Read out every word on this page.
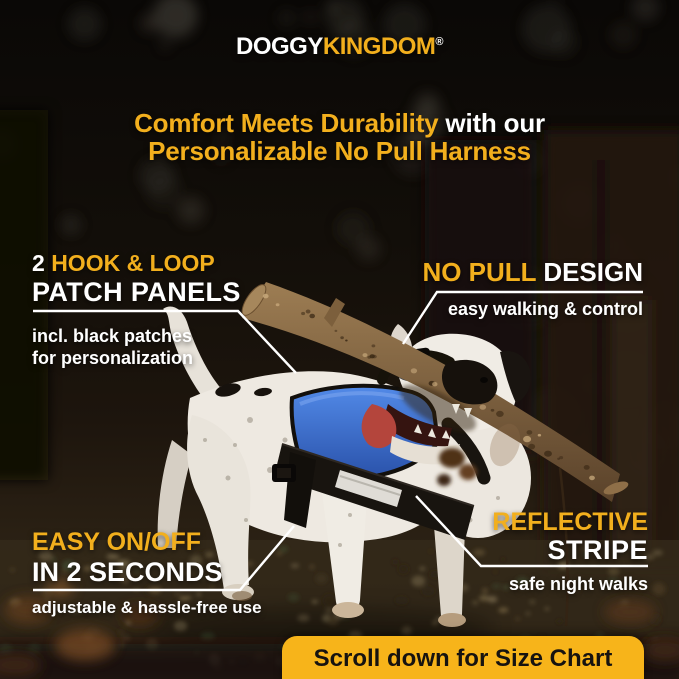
DOGGYKINGDOM®
Comfort Meets Durability with our
Personalizable No Pull Harness
2 HOOK & LOOP
PATCH PANELS
incl. black patches for personalization
NO PULL DESIGN
easy walking & control
EASY ON/OFF
IN 2 SECONDS
adjustable & hassle-free use
REFLECTIVE
STRIPE
safe night walks
Scroll down for Size Chart
